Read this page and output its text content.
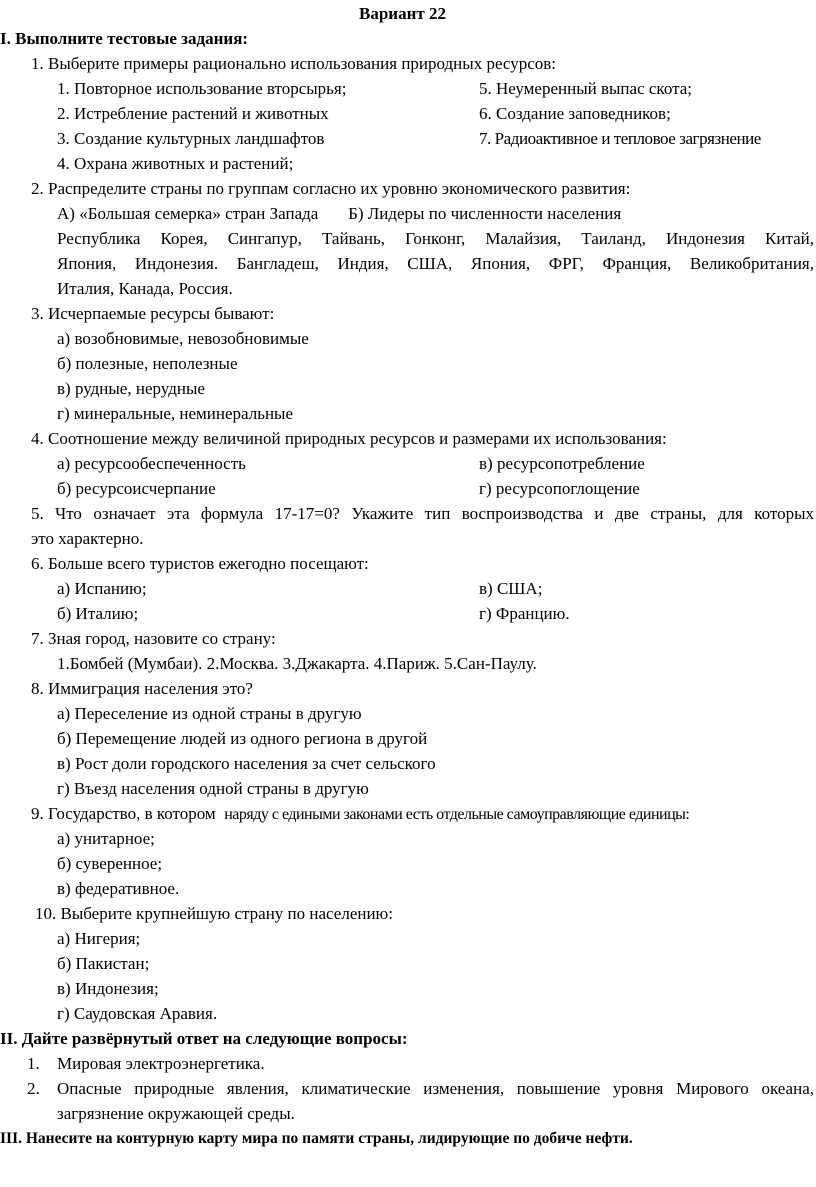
Вариант 22
I. Выполните тестовые задания:
1. Выберите примеры рационально использования природных ресурсов:
1. Повторное использование вторсырья;
2. Истребление растений и животных
3. Создание культурных ландшафтов
4. Охрана животных и растений;
5. Неумеренный выпас скота;
6. Создание заповедников;
7. Радиоактивное и тепловое загрязнение
2. Распределите страны по группам согласно их уровню экономического развития:
А) «Большая семерка» стран Запада       Б) Лидеры по численности населения
Республика Корея, Сингапур, Тайвань, Гонконг, Малайзия, Таиланд, Индонезия Китай,
Япония, Индонезия. Бангладеш, Индия, США, Япония, ФРГ, Франция, Великобритания,
Италия, Канада, Россия.
3. Исчерпаемые ресурсы бывают:
а) возобновимые, невозобновимые
б) полезные, неполезные
в) рудные, нерудные
г) минеральные, неминеральные
4. Соотношение между величиной природных ресурсов и размерами их использования:
а) ресурсообеспеченность
б) ресурсоисчерпание
в) ресурсопотребление
г) ресурсопоглощение
5. Что означает эта формула 17-17=0? Укажите тип воспроизводства и две страны, для которых
это характерно.
6. Больше всего туристов ежегодно посещают:
а) Испанию;
б) Италию;
в) США;
г) Францию.
7. Зная город, назовите со страну:
1.Бомбей (Мумбаи). 2.Москва. 3.Джакарта. 4.Париж. 5.Сан-Паулу.
8. Иммиграция населения это?
а) Переселение из одной страны в другую
б) Перемещение людей из одного региона в другой
в) Рост доли городского населения за счет сельского
г) Въезд населения одной страны в другую
9. Государство, в котором  наряду с едиными законами есть отдельные самоуправляющие единицы:
а) унитарное;
б) суверенное;
в) федеративное.
10. Выберите крупнейшую страну по населению:
а) Нигерия;
б) Пакистан;
в) Индонезия;
г) Саудовская Аравия.
II. Дайте развёрнутый ответ на следующие вопросы:
1. Мировая электроэнергетика.
2. Опасные природные явления, климатические изменения, повышение уровня Мирового океана,
загрязнение окружающей среды.
III. Нанесите на контурную карту мира по памяти страны, лидирующие по добиче нефти.
